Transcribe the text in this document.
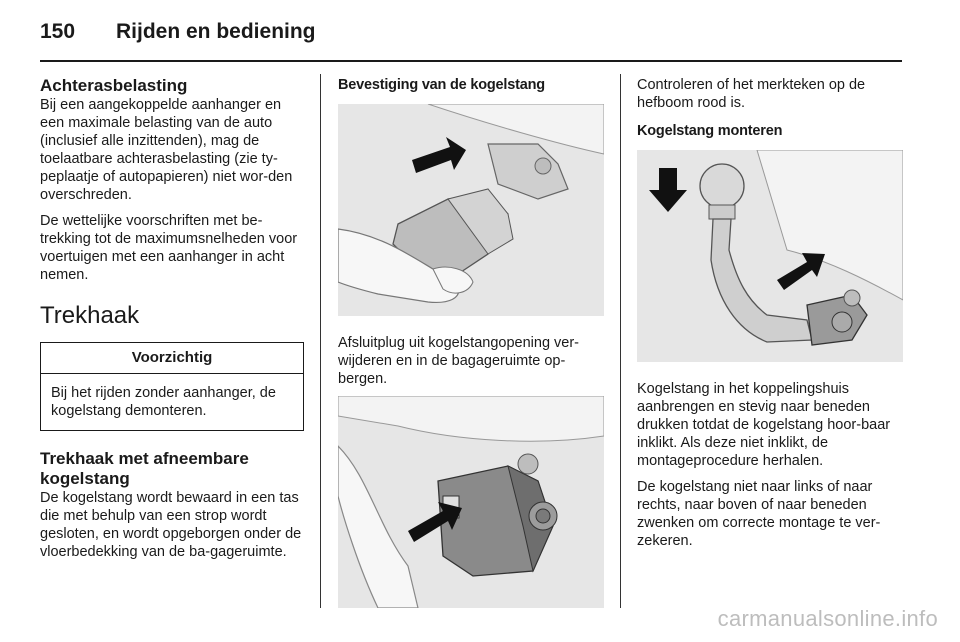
150 Rijden en bediening
Achterasbelasting

Bij een aangekoppelde aanhanger en een maximale belasting van de auto (inclusief alle inzittenden), mag de toelaatbare achterasbelasting (zie ty-peplaatje of autopapieren) niet wor-den overschreden.

De wettelijke voorschriften met be-trekking tot de maximumsnelheden voor voertuigen met een aanhanger in acht nemen.

Trekhaak
Voorzichtig
Bij het rijden zonder aanhanger, de kogelstang demonteren.
Trekhaak met afneembare kogelstang

De kogelstang wordt bewaard in een tas die met behulp van een strop wordt gesloten, en wordt opgeborgen onder de vloerbedekking van de ba-gageruimte.

Bevestiging van de kogelstang

Afsluitplug uit kogelstangopening ver-wijderen en in de bagageruimte op-bergen.

Controleren of het merkteken op de hefboom rood is.

Kogelstang monteren

Kogelstang in het koppelingshuis aanbrengen en stevig naar beneden drukken totdat de kogelstang hoor-baar inklikt. Als deze niet inklikt, de montageprocedure herhalen.

De kogelstang niet naar links of naar rechts, naar boven of naar beneden zwenken om correcte montage te ver-zekeren.

carmanualsonline.info
